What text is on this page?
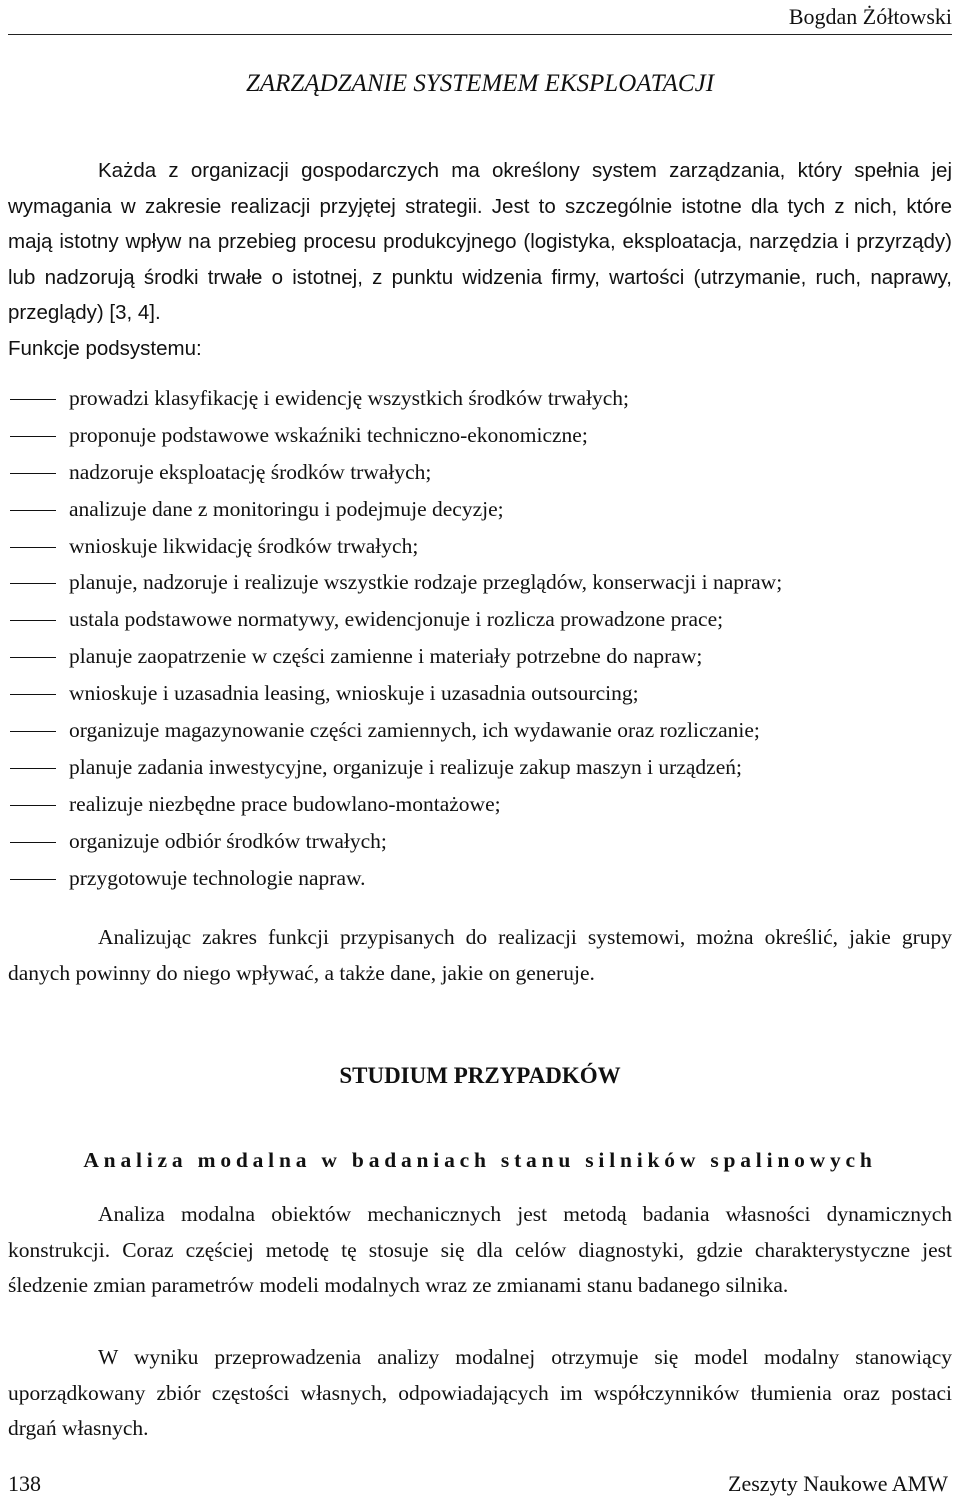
Bogdan Żółtowski
ZARZĄDZANIE SYSTEMEM EKSPLOATACJI

Każda z organizacji gospodarczych ma określony system zarządzania, który spełnia jej wymagania w zakresie realizacji przyjętej strategii. Jest to szczególnie istotne dla tych z nich, które mają istotny wpływ na przebieg procesu produkcyjnego (logistyka, eksploatacja, narzędzia i przyrządy) lub nadzorują środki trwałe o istotnej, z punktu widzenia firmy, wartości (utrzymanie, ruch, naprawy, przeglądy) [3, 4].

Funkcje podsystemu:
prowadzi klasyfikację i ewidencję wszystkich środków trwałych;
proponuje podstawowe wskaźniki techniczno-ekonomiczne;
nadzoruje eksploatację środków trwałych;
analizuje dane z monitoringu i podejmuje decyzje;
wnioskuje likwidację środków trwałych;
planuje, nadzoruje i realizuje wszystkie rodzaje przeglądów, konserwacji i napraw;
ustala podstawowe normatywy, ewidencjonuje i rozlicza prowadzone prace;
planuje zaopatrzenie w części zamienne i materiały potrzebne do napraw;
wnioskuje i uzasadnia leasing, wnioskuje i uzasadnia outsourcing;
organizuje magazynowanie części zamiennych, ich wydawanie oraz rozliczanie;
planuje zadania inwestycyjne, organizuje i realizuje zakup maszyn i urządzeń;
realizuje niezbędne prace budowlano-montażowe;
organizuje odbiór środków trwałych;
przygotowuje technologie napraw.

Analizując zakres funkcji przypisanych do realizacji systemowi, można określić, jakie grupy danych powinny do niego wpływać, a także dane, jakie on generuje.

STUDIUM PRZYPADKÓW
Analiza modalna w badaniach stanu silników spalinowych

Analiza modalna obiektów mechanicznych jest metodą badania własności dynamicznych konstrukcji. Coraz częściej metodę tę stosuje się dla celów diagnostyki, gdzie charakterystyczne jest śledzenie zmian parametrów modeli modalnych wraz ze zmianami stanu badanego silnika.

W wyniku przeprowadzenia analizy modalnej otrzymuje się model modalny stanowiący uporządkowany zbiór częstości własnych, odpowiadających im współczynników tłumienia oraz postaci drgań własnych.

138	Zeszyty Naukowe AMW
